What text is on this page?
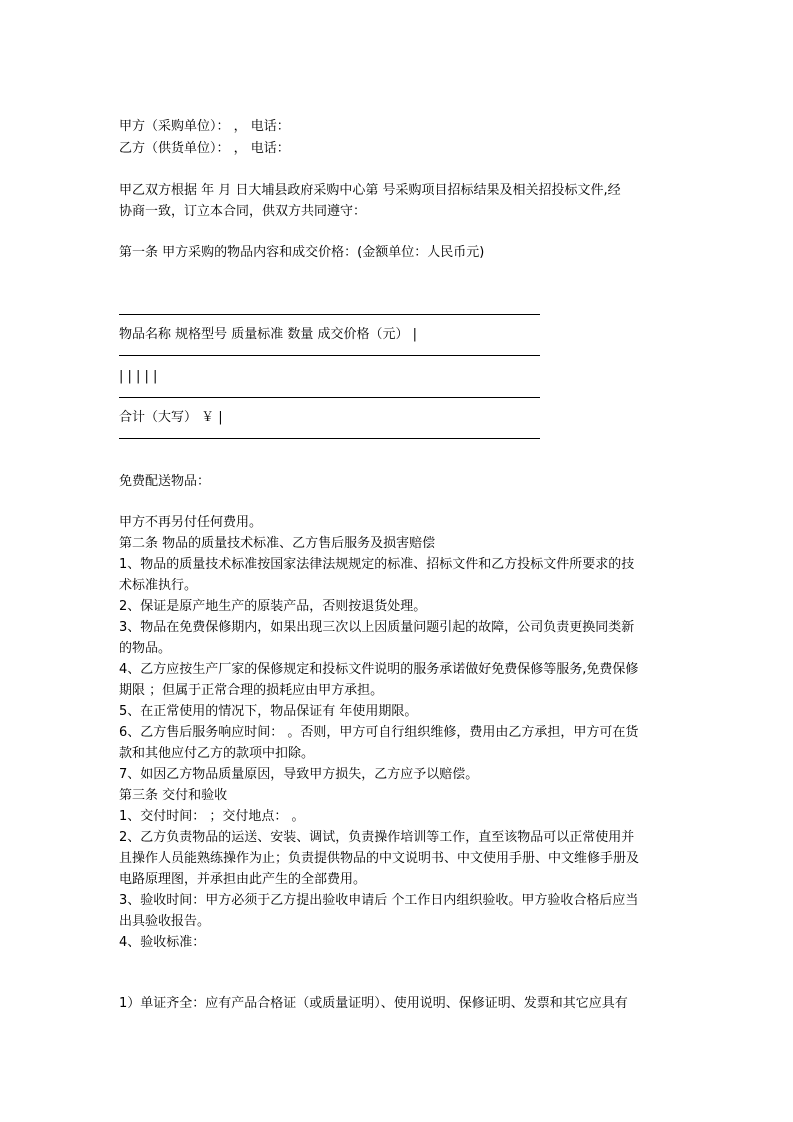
甲方（采购单位）： ， 电话：

乙方（供货单位）： ， 电话：

甲乙双方根据 年 月 日大埔县政府采购中心第 号采购项目招标结果及相关招投标文件,经

协商一致，订立本合同，供双方共同遵守：

第一条 甲方采购的物品内容和成交价格：(金额单位：人民币元)

物品名称 规格型号 质量标准 数量 成交价格（元） |

| | | | |

合计（大写） ￥ |

免费配送物品：

甲方不再另付任何费用。

第二条 物品的质量技术标准、乙方售后服务及损害赔偿

1、物品的质量技术标准按国家法律法规规定的标准、招标文件和乙方投标文件所要求的技

术标准执行。

2、保证是原产地生产的原装产品，否则按退货处理。

3、物品在免费保修期内，如果出现三次以上因质量问题引起的故障，公司负责更换同类新

的物品。

4、乙方应按生产厂家的保修规定和投标文件说明的服务承诺做好免费保修等服务,免费保修

期限 ；但属于正常合理的损耗应由甲方承担。

5、在正常使用的情况下，物品保证有 年使用期限。

6、乙方售后服务响应时间： 。否则，甲方可自行组织维修，费用由乙方承担，甲方可在货

款和其他应付乙方的款项中扣除。

7、如因乙方物品质量原因，导致甲方损失，乙方应予以赔偿。

第三条 交付和验收

1、交付时间： ；交付地点： 。

2、乙方负责物品的运送、安装、调试，负责操作培训等工作，直至该物品可以正常使用并

且操作人员能熟练操作为止；负责提供物品的中文说明书、中文使用手册、中文维修手册及

电路原理图，并承担由此产生的全部费用。

3、验收时间：甲方必须于乙方提出验收申请后 个工作日内组织验收。甲方验收合格后应当

出具验收报告。

4、验收标准：

1）单证齐全：应有产品合格证（或质量证明）、使用说明、保修证明、发票和其它应具有
